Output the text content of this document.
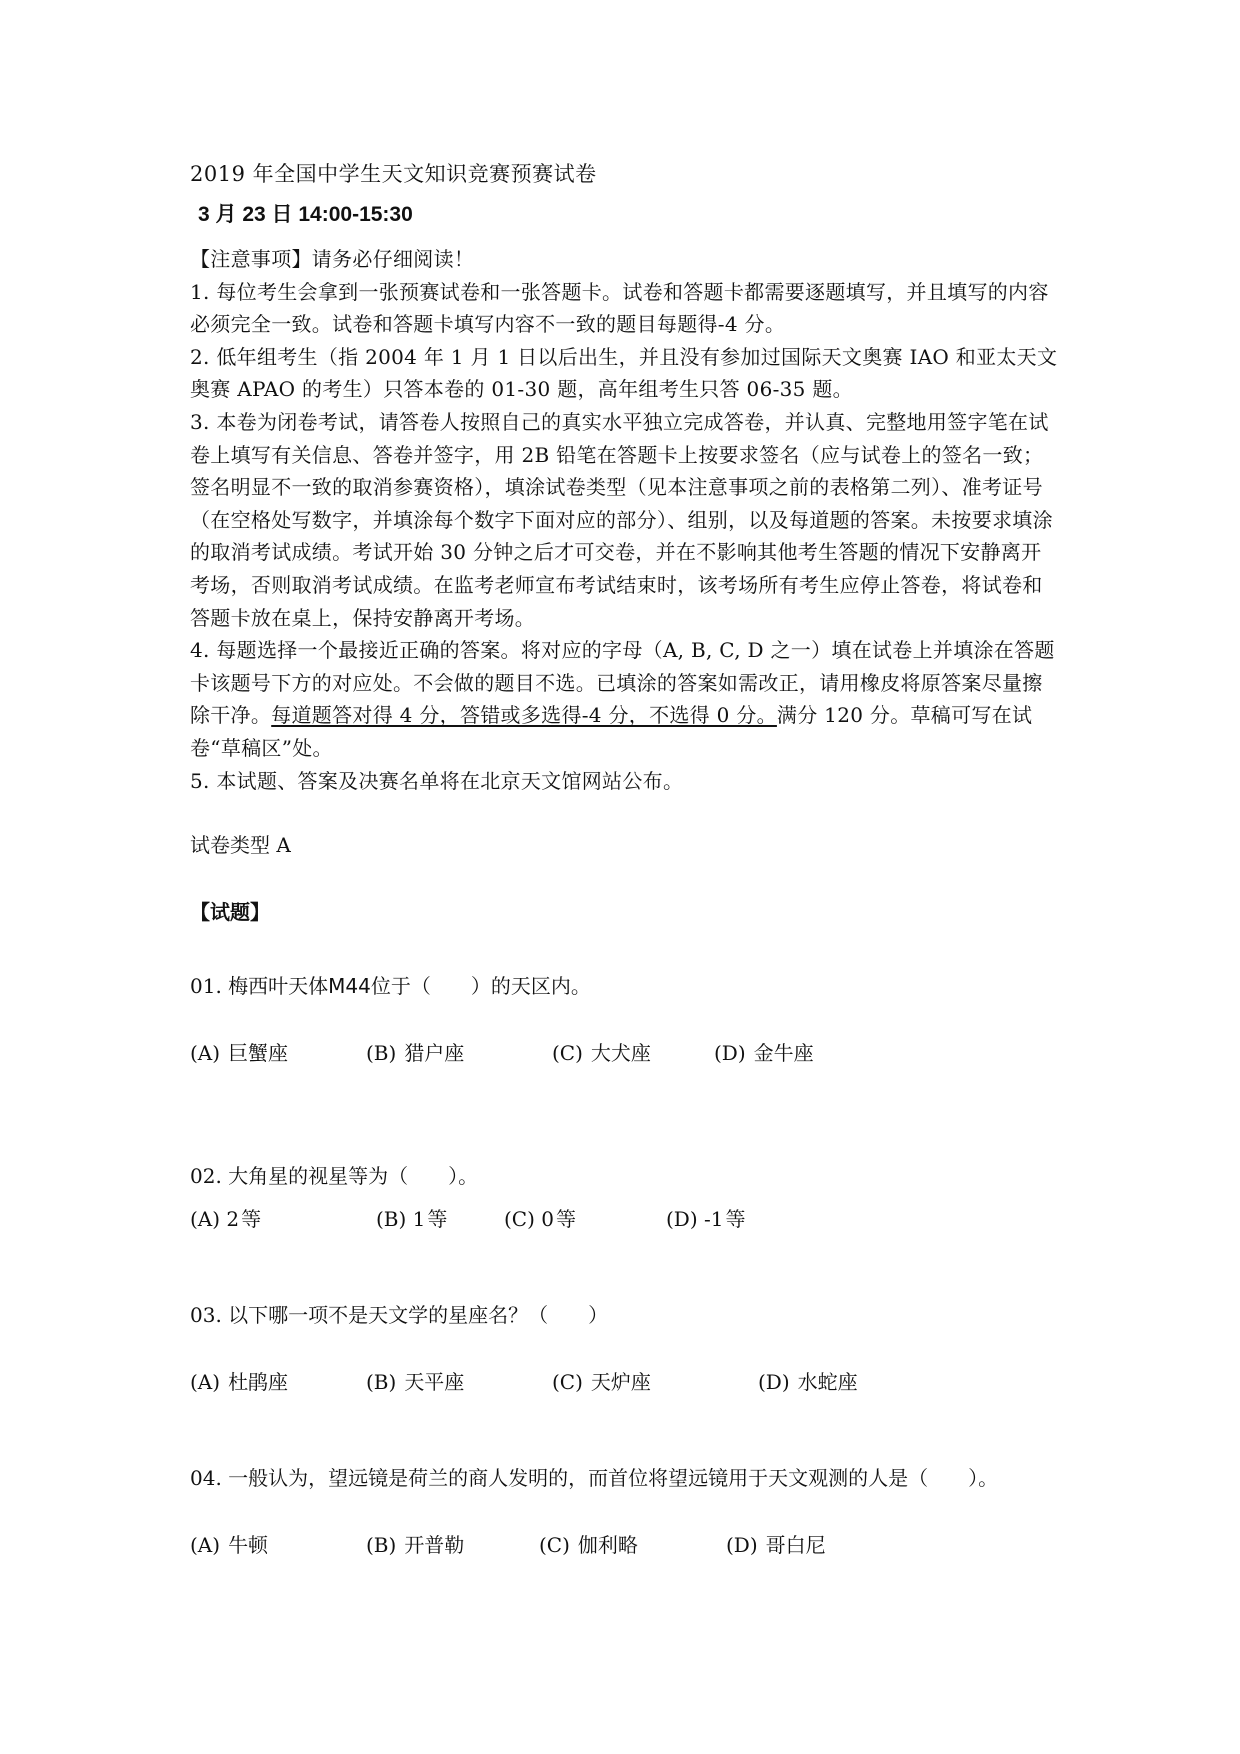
2019 年全国中学生天文知识竞赛预赛试卷
3 月 23 日 14:00-15:30

【注意事项】请务必仔细阅读！

1. 每位考生会拿到一张预赛试卷和一张答题卡。试卷和答题卡都需要逐题填写，并且填写的内容必须完全一致。试卷和答题卡填写内容不一致的题目每题得-4 分。

2. 低年组考生（指 2004 年 1 月 1 日以后出生，并且没有参加过国际天文奥赛 IAO 和亚太天文奥赛 APAO 的考生）只答本卷的 01-30 题，高年组考生只答 06-35 题。

3. 本卷为闭卷考试，请答卷人按照自己的真实水平独立完成答卷，并认真、完整地用签字笔在试卷上填写有关信息、答卷并签字，用 2B 铅笔在答题卡上按要求签名（应与试卷上的签名一致；签名明显不一致的取消参赛资格），填涂试卷类型（见本注意事项之前的表格第二列）、准考证号（在空格处写数字，并填涂每个数字下面对应的部分）、组别，以及每道题的答案。未按要求填涂的取消考试成绩。考试开始 30 分钟之后才可交卷，并在不影响其他考生答题的情况下安静离开考场，否则取消考试成绩。在监考老师宣布考试结束时，该考场所有考生应停止答卷，将试卷和答题卡放在桌上，保持安静离开考场。

4. 每题选择一个最接近正确的答案。将对应的字母（A, B, C, D 之一）填在试卷上并填涂在答题卡该题号下方的对应处。不会做的题目不选。已填涂的答案如需改正，请用橡皮将原答案尽量擦除干净。每道题答对得 4 分，答错或多选得-4 分，不选得 0 分。满分 120 分。草稿可写在试卷“草稿区”处。

5. 本试题、答案及决赛名单将在北京天文馆网站公布。

试卷类型 A
【试题】
01. 梅西叶天体M44位于（　　）的天区内。
(A) 巨蟹座	(B) 猎户座	(C) 大犬座	(D) 金牛座
02. 大角星的视星等为（　　）。
(A) 2 等	(B) 1 等	(C) 0 等	(D) -1 等
03. 以下哪一项不是天文学的星座名？（　　）
(A) 杜鹃座	(B) 天平座	(C) 天炉座	(D) 水蛇座
04. 一般认为，望远镜是荷兰的商人发明的，而首位将望远镜用于天文观测的人是（　　）。
(A) 牛顿	(B) 开普勒	(C) 伽利略	(D) 哥白尼
